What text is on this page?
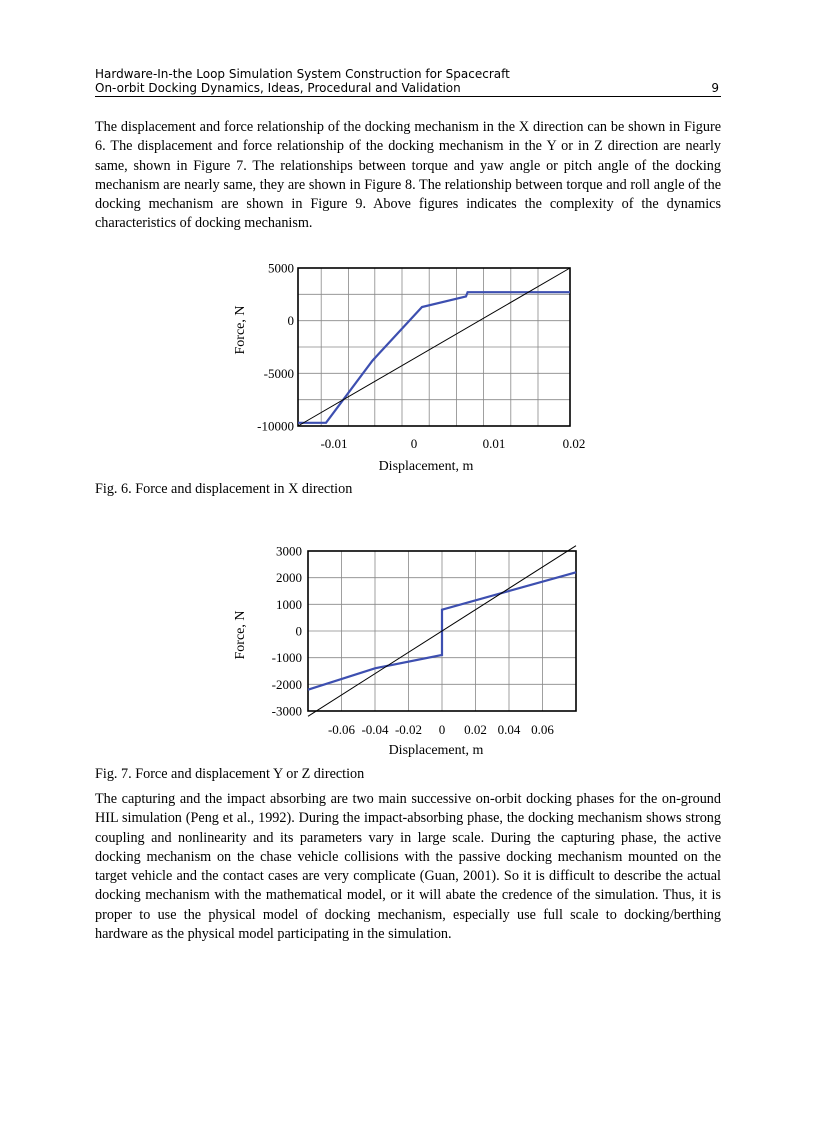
Hardware-In-the Loop Simulation System Construction for Spacecraft
On-orbit Docking Dynamics, Ideas, Procedural and Validation	9

The displacement and force relationship of the docking mechanism in the X direction can be shown in Figure 6. The displacement and force relationship of the docking mechanism in the Y or in Z direction are nearly same, shown in Figure 7. The relationships between torque and yaw angle or pitch angle of the docking mechanism are nearly same, they are shown in Figure 8. The relationship between torque and roll angle of the docking mechanism are shown in Figure 9. Above figures indicates the complexity of the dynamics characteristics of docking mechanism.

5000
0
-5000
-10000
-0.01	0	0.01	0.02
Displacement, m
Force, N
Fig. 6. Force and displacement in X direction
3000
2000
1000
0
-1000
-2000
-3000
-0.06 -0.04 -0.02 0 0.02 0.04 0.06
Displacement, m
Force, N
Fig. 7. Force and displacement Y or Z direction

The capturing and the impact absorbing are two main successive on-orbit docking phases for the on-ground HIL simulation (Peng et al., 1992). During the impact-absorbing phase, the docking mechanism shows strong coupling and nonlinearity and its parameters vary in large scale. During the capturing phase, the active docking mechanism on the chase vehicle collisions with the passive docking mechanism mounted on the target vehicle and the contact cases are very complicate (Guan, 2001). So it is difficult to describe the actual docking mechanism with the mathematical model, or it will abate the credence of the simulation. Thus, it is proper to use the physical model of docking mechanism, especially use full scale to docking/berthing hardware as the physical model participating in the simulation.
